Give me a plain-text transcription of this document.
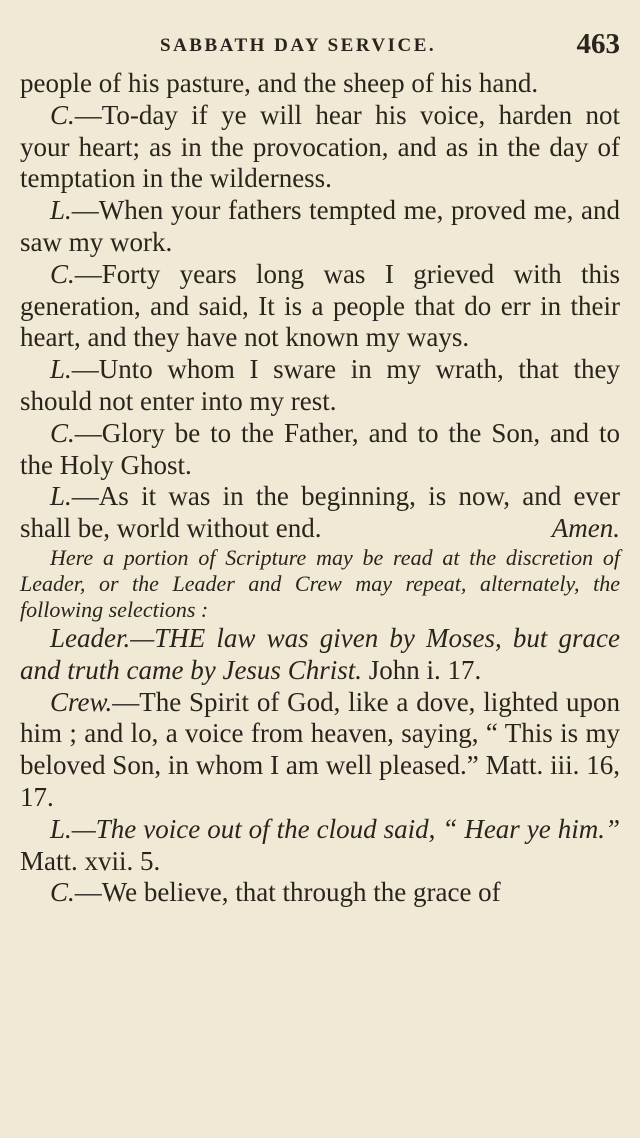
SABBATH DAY SERVICE.	463

people of his pasture, and the sheep of his hand.

C.—To-day if ye will hear his voice, harden not your heart; as in the provocation, and as in the day of temptation in the wilderness.

L.—When your fathers tempted me, proved me, and saw my work.

C.—Forty years long was I grieved with this generation, and said, It is a people that do err in their heart, and they have not known my ways.

L.—Unto whom I sware in my wrath, that they should not enter into my rest.

C.—Glory be to the Father, and to the Son, and to the Holy Ghost.

L.—As it was in the beginning, is now, and ever shall be, world without end.	Amen.

Here a portion of Scripture may be read at the discretion of Leader, or the Leader and Crew may repeat, alternately, the following selections :

Leader.—THE law was given by Moses, but grace and truth came by Jesus Christ. John i. 17.

Crew.—The Spirit of God, like a dove, lighted upon him ; and lo, a voice from heaven, saying, “ This is my beloved Son, in whom I am well pleased.” Matt. iii. 16, 17.

L.—The voice out of the cloud said, “ Hear ye him.” Matt. xvii. 5.

C.—We believe, that through the grace of
